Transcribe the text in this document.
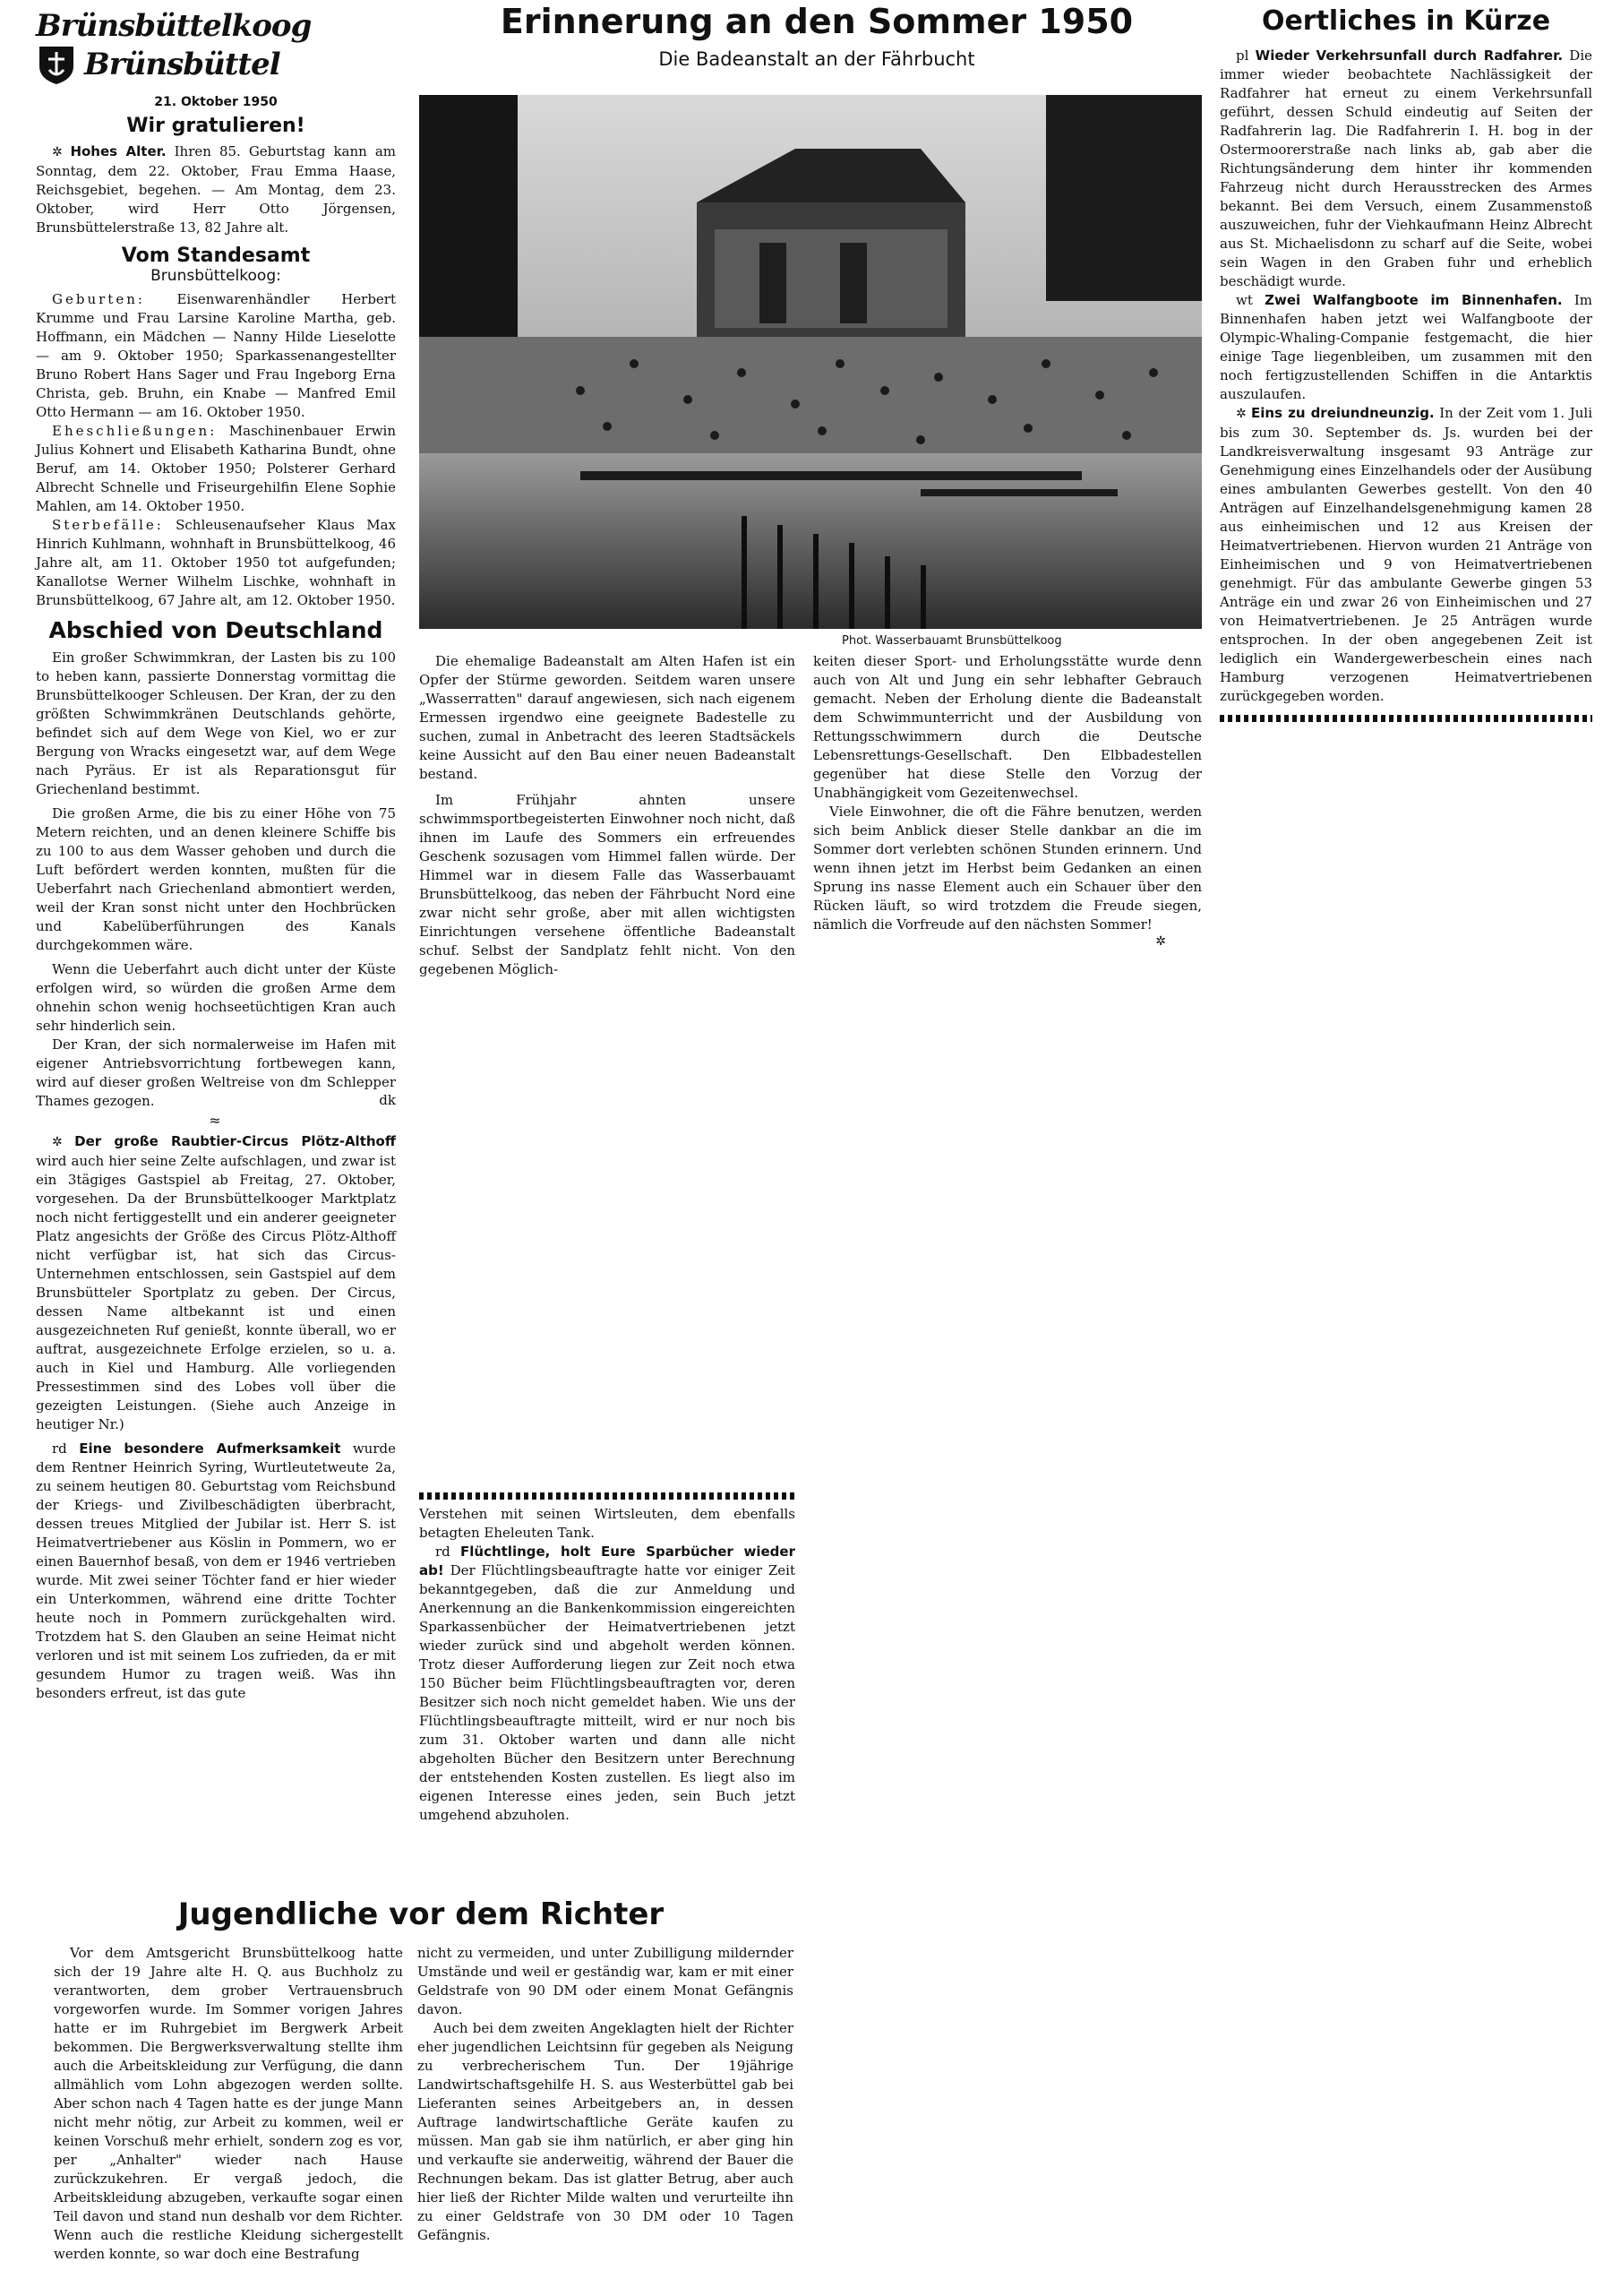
Brünsbüttelkoog
Brünsbüttel
21. Oktober 1950
Wir gratulieren!

✲ Hohes Alter. Ihren 85. Geburtstag kann am Sonntag, dem 22. Oktober, Frau Emma Haase, Reichsgebiet, begehen. — Am Montag, dem 23. Oktober, wird Herr Otto Jörgensen, Brunsbüttelerstraße 13, 82 Jahre alt.

Vom Standesamt
Brunsbüttelkoog:

Geburten: Eisenwarenhändler Herbert Krumme und Frau Larsine Karoline Martha, geb. Hoffmann, ein Mädchen — Nanny Hilde Lieselotte — am 9. Oktober 1950; Sparkassenangestellter Bruno Robert Hans Sager und Frau Ingeborg Erna Christa, geb. Bruhn, ein Knabe — Manfred Emil Otto Hermann — am 16. Oktober 1950.

Eheschließungen: Maschinenbauer Erwin Julius Kohnert und Elisabeth Katharina Bundt, ohne Beruf, am 14. Oktober 1950; Polsterer Gerhard Albrecht Schnelle und Friseurgehilfin Elene Sophie Mahlen, am 14. Oktober 1950.

Sterbefälle: Schleusenaufseher Klaus Max Hinrich Kuhlmann, wohnhaft in Brunsbüttelkoog, 46 Jahre alt, am 11. Oktober 1950 tot aufgefunden; Kanallotse Werner Wilhelm Lischke, wohnhaft in Brunsbüttelkoog, 67 Jahre alt, am 12. Oktober 1950.

Abschied von Deutschland

Ein großer Schwimmkran, der Lasten bis zu 100 to heben kann, passierte Donnerstag vormittag die Brunsbüttelkooger Schleusen. Der Kran, der zu den größten Schwimmkränen Deutschlands gehörte, befindet sich auf dem Wege von Kiel, wo er zur Bergung von Wracks eingesetzt war, auf dem Wege nach Pyräus. Er ist als Reparationsgut für Griechenland bestimmt.

Die großen Arme, die bis zu einer Höhe von 75 Metern reichten, und an denen kleinere Schiffe bis zu 100 to aus dem Wasser gehoben und durch die Luft befördert werden konnten, mußten für die Ueberfahrt nach Griechenland abmontiert werden, weil der Kran sonst nicht unter den Hochbrücken und Kabelüberführungen des Kanals durchgekommen wäre.

Wenn die Ueberfahrt auch dicht unter der Küste erfolgen wird, so würden die großen Arme dem ohnehin schon wenig hochseetüchtigen Kran auch sehr hinderlich sein.

Der Kran, der sich normalerweise im Hafen mit eigener Antriebsvorrichtung fortbewegen kann, wird auf dieser großen Weltreise von dm Schlepper Thames gezogen.	dk
≈

✲ Der große Raubtier-Circus Plötz-Althoff wird auch hier seine Zelte aufschlagen, und zwar ist ein 3tägiges Gastspiel ab Freitag, 27. Oktober, vorgesehen. Da der Brunsbüttelkooger Marktplatz noch nicht fertiggestellt und ein anderer geeigneter Platz angesichts der Größe des Circus Plötz-Althoff nicht verfügbar ist, hat sich das Circus-Unternehmen entschlossen, sein Gastspiel auf dem Brunsbütteler Sportplatz zu geben. Der Circus, dessen Name altbekannt ist und einen ausgezeichneten Ruf genießt, konnte überall, wo er auftrat, ausgezeichnete Erfolge erzielen, so u. a. auch in Kiel und Hamburg. Alle vorliegenden Pressestimmen sind des Lobes voll über die gezeigten Leistungen. (Siehe auch Anzeige in heutiger Nr.)

rd Eine besondere Aufmerksamkeit wurde dem Rentner Heinrich Syring, Wurtleutetweute 2a, zu seinem heutigen 80. Geburtstag vom Reichsbund der Kriegs- und Zivilbeschädigten überbracht, dessen treues Mitglied der Jubilar ist. Herr S. ist Heimatvertriebener aus Köslin in Pommern, wo er einen Bauernhof besaß, von dem er 1946 vertrieben wurde. Mit zwei seiner Töchter fand er hier wieder ein Unterkommen, während eine dritte Tochter heute noch in Pommern zurückgehalten wird. Trotzdem hat S. den Glauben an seine Heimat nicht verloren und ist mit seinem Los zufrieden, da er mit gesundem Humor zu tragen weiß. Was ihn besonders erfreut, ist das gute

Erinnerung an den Sommer 1950
Die Badeanstalt an der Fährbucht
Phot. Wasserbauamt Brunsbüttelkoog

Die ehemalige Badeanstalt am Alten Hafen ist ein Opfer der Stürme geworden. Seitdem waren unsere „Wasserratten" darauf angewiesen, sich nach eigenem Ermessen irgendwo eine geeignete Badestelle zu suchen, zumal in Anbetracht des leeren Stadtsäckels keine Aussicht auf den Bau einer neuen Badeanstalt bestand.

Im Frühjahr ahnten unsere schwimmsportbegeisterten Einwohner noch nicht, daß ihnen im Laufe des Sommers ein erfreuendes Geschenk sozusagen vom Himmel fallen würde. Der Himmel war in diesem Falle das Wasserbauamt Brunsbüttelkoog, das neben der Fährbucht Nord eine zwar nicht sehr große, aber mit allen wichtigsten Einrichtungen versehene öffentliche Badeanstalt schuf. Selbst der Sandplatz fehlt nicht. Von den gegebenen Möglich-

keiten dieser Sport- und Erholungsstätte wurde denn auch von Alt und Jung ein sehr lebhafter Gebrauch gemacht. Neben der Erholung diente die Badeanstalt dem Schwimmunterricht und der Ausbildung von Rettungsschwimmern durch die Deutsche Lebensrettungs-Gesellschaft. Den Elbbadestellen gegenüber hat diese Stelle den Vorzug der Unabhängigkeit vom Gezeitenwechsel.

Viele Einwohner, die oft die Fähre benutzen, werden sich beim Anblick dieser Stelle dankbar an die im Sommer dort verlebten schönen Stunden erinnern. Und wenn ihnen jetzt im Herbst beim Gedanken an einen Sprung ins nasse Element auch ein Schauer über den Rücken läuft, so wird trotzdem die Freude siegen, nämlich die Vorfreude auf den nächsten Sommer!

✲

Verstehen mit seinen Wirtsleuten, dem ebenfalls betagten Eheleuten Tank.

rd Flüchtlinge, holt Eure Sparbücher wieder ab! Der Flüchtlingsbeauftragte hatte vor einiger Zeit bekanntgegeben, daß die zur Anmeldung und Anerkennung an die Bankenkommission eingereichten Sparkassenbücher der Heimatvertriebenen jetzt wieder zurück sind und abgeholt werden können. Trotz dieser Aufforderung liegen zur Zeit noch etwa 150 Bücher beim Flüchtlingsbeauftragten vor, deren Besitzer sich noch nicht gemeldet haben. Wie uns der Flüchtlingsbeauftragte mitteilt, wird er nur noch bis zum 31. Oktober warten und dann alle nicht abgeholten Bücher den Besitzern unter Berechnung der entstehenden Kosten zustellen. Es liegt also im eigenen Interesse eines jeden, sein Buch jetzt umgehend abzuholen.

Oertliches in Kürze

pl Wieder Verkehrsunfall durch Radfahrer. Die immer wieder beobachtete Nachlässigkeit der Radfahrer hat erneut zu einem Verkehrsunfall geführt, dessen Schuld eindeutig auf Seiten der Radfahrerin lag. Die Radfahrerin I. H. bog in der Ostermoorerstraße nach links ab, gab aber die Richtungsänderung dem hinter ihr kommenden Fahrzeug nicht durch Herausstrecken des Armes bekannt. Bei dem Versuch, einem Zusammenstoß auszuweichen, fuhr der Viehkaufmann Heinz Albrecht aus St. Michaelisdonn zu scharf auf die Seite, wobei sein Wagen in den Graben fuhr und erheblich beschädigt wurde.

wt Zwei Walfangboote im Binnenhafen. Im Binnenhafen haben jetzt wei Walfangboote der Olympic-Whaling-Companie festgemacht, die hier einige Tage liegenbleiben, um zusammen mit den noch fertigzustellenden Schiffen in die Antarktis auszulaufen.

✲ Eins zu dreiundneunzig. In der Zeit vom 1. Juli bis zum 30. September ds. Js. wurden bei der Landkreisverwaltung insgesamt 93 Anträge zur Genehmigung eines Einzelhandels oder der Ausübung eines ambulanten Gewerbes gestellt. Von den 40 Anträgen auf Einzelhandelsgenehmigung kamen 28 aus einheimischen und 12 aus Kreisen der Heimatvertriebenen. Hiervon wurden 21 Anträge von Einheimischen und 9 von Heimatvertriebenen genehmigt. Für das ambulante Gewerbe gingen 53 Anträge ein und zwar 26 von Einheimischen und 27 von Heimatvertriebenen. Je 25 Anträgen wurde entsprochen. In der oben angegebenen Zeit ist lediglich ein Wandergewerbeschein eines nach Hamburg verzogenen Heimatvertriebenen zurückgegeben worden.

Jugendliche vor dem Richter

Vor dem Amtsgericht Brunsbüttelkoog hatte sich der 19 Jahre alte H. Q. aus Buchholz zu verantworten, dem grober Vertrauensbruch vorgeworfen wurde. Im Sommer vorigen Jahres hatte er im Ruhrgebiet im Bergwerk Arbeit bekommen. Die Bergwerksverwaltung stellte ihm auch die Arbeitskleidung zur Verfügung, die dann allmählich vom Lohn abgezogen werden sollte. Aber schon nach 4 Tagen hatte es der junge Mann nicht mehr nötig, zur Arbeit zu kommen, weil er keinen Vorschuß mehr erhielt, sondern zog es vor, per „Anhalter" wieder nach Hause zurückzukehren. Er vergaß jedoch, die Arbeitskleidung abzugeben, verkaufte sogar einen Teil davon und stand nun deshalb vor dem Richter. Wenn auch die restliche Kleidung sichergestellt werden konnte, so war doch eine Bestrafung

nicht zu vermeiden, und unter Zubilligung mildernder Umstände und weil er geständig war, kam er mit einer Geldstrafe von 90 DM oder einem Monat Gefängnis davon.

Auch bei dem zweiten Angeklagten hielt der Richter eher jugendlichen Leichtsinn für gegeben als Neigung zu verbrecherischem Tun. Der 19jährige Landwirtschaftsgehilfe H. S. aus Westerbüttel gab bei Lieferanten seines Arbeitgebers an, in dessen Auftrage landwirtschaftliche Geräte kaufen zu müssen. Man gab sie ihm natürlich, er aber ging hin und verkaufte sie anderweitig, während der Bauer die Rechnungen bekam. Das ist glatter Betrug, aber auch hier ließ der Richter Milde walten und verurteilte ihn zu einer Geldstrafe von 30 DM oder 10 Tagen Gefängnis.
